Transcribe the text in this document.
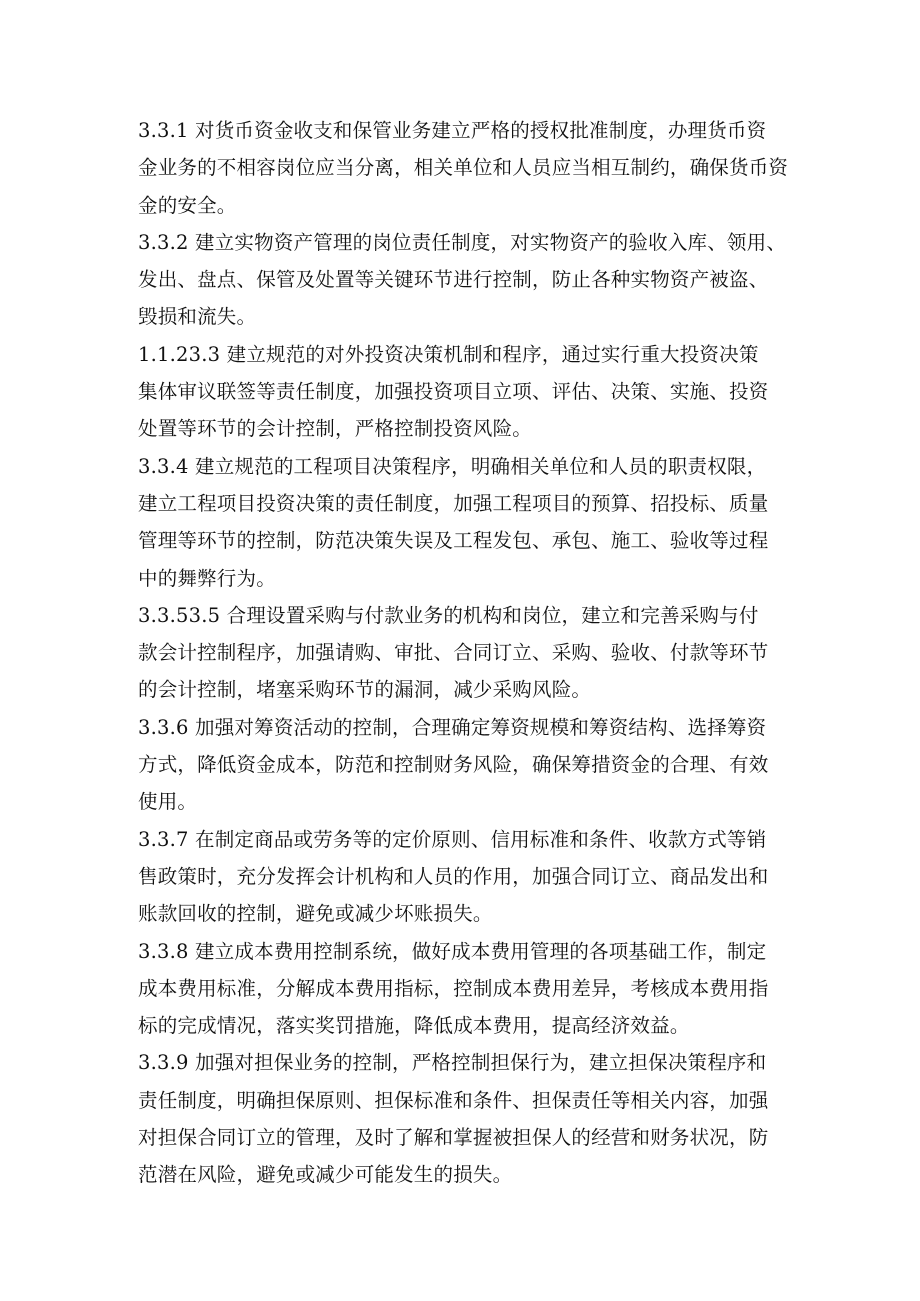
3.3.1 对货币资金收支和保管业务建立严格的授权批准制度，办理货币资
金业务的不相容岗位应当分离，相关单位和人员应当相互制约，确保货币资
金的安全。
3.3.2 建立实物资产管理的岗位责任制度，对实物资产的验收入库、领用、
发出、盘点、保管及处置等关键环节进行控制，防止各种实物资产被盗、
毁损和流失。
1.1.23.3 建立规范的对外投资决策机制和程序，通过实行重大投资决策
集体审议联签等责任制度，加强投资项目立项、评估、决策、实施、投资
处置等环节的会计控制，严格控制投资风险。
3.3.4 建立规范的工程项目决策程序，明确相关单位和人员的职责权限，
建立工程项目投资决策的责任制度，加强工程项目的预算、招投标、质量
管理等环节的控制，防范决策失误及工程发包、承包、施工、验收等过程
中的舞弊行为。
3.3.53.5 合理设置采购与付款业务的机构和岗位，建立和完善采购与付
款会计控制程序，加强请购、审批、合同订立、采购、验收、付款等环节
的会计控制，堵塞采购环节的漏洞，减少采购风险。
3.3.6 加强对筹资活动的控制，合理确定筹资规模和筹资结构、选择筹资
方式，降低资金成本，防范和控制财务风险，确保筹措资金的合理、有效
使用。
3.3.7 在制定商品或劳务等的定价原则、信用标准和条件、收款方式等销
售政策时，充分发挥会计机构和人员的作用，加强合同订立、商品发出和
账款回收的控制，避免或减少坏账损失。
3.3.8 建立成本费用控制系统，做好成本费用管理的各项基础工作，制定
成本费用标准，分解成本费用指标，控制成本费用差异，考核成本费用指
标的完成情况，落实奖罚措施，降低成本费用，提高经济效益。
3.3.9 加强对担保业务的控制，严格控制担保行为，建立担保决策程序和
责任制度，明确担保原则、担保标准和条件、担保责任等相关内容，加强
对担保合同订立的管理，及时了解和掌握被担保人的经营和财务状况，防
范潜在风险，避免或减少可能发生的损失。
